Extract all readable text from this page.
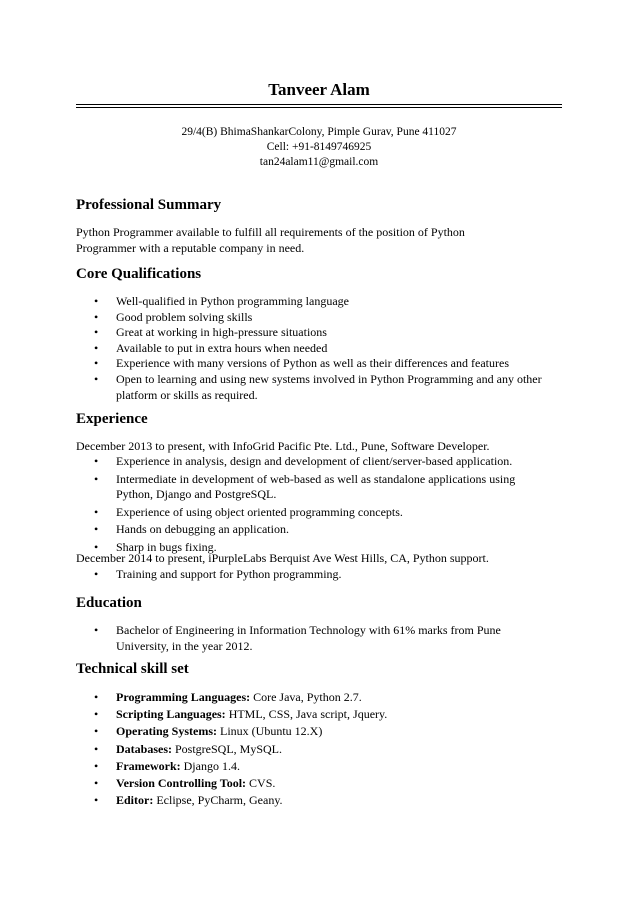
Tanveer Alam
29/4(B) BhimaShankarColony, Pimple Gurav, Pune 411027
Cell: +91-8149746925
tan24alam11@gmail.com
Professional Summary
Python Programmer available to fulfill all requirements of the position of Python
Programmer with a reputable company in need.
Core Qualifications
• Well-qualified in Python programming language
• Good problem solving skills
• Great at working in high-pressure situations
• Available to put in extra hours when needed
• Experience with many versions of Python as well as their differences and features
• Open to learning and using new systems involved in Python Programming and any other platform or skills as required.
Experience
December 2013 to present, with InfoGrid Pacific Pte. Ltd., Pune, Software Developer.
• Experience in analysis, design and development of client/server-based application.
• Intermediate in development of web-based as well as standalone applications using Python, Django and PostgreSQL.
• Experience of using object oriented programming concepts.
• Hands on debugging an application.
• Sharp in bugs fixing.
December 2014 to present, iPurpleLabs Berquist Ave West Hills, CA, Python support.
• Training and support for Python programming.
Education
• Bachelor of Engineering in Information Technology with 61% marks from Pune University, in the year 2012.
Technical skill set
• Programming Languages: Core Java, Python 2.7.
• Scripting Languages: HTML, CSS, Java script, Jquery.
• Operating Systems: Linux (Ubuntu 12.X)
• Databases: PostgreSQL, MySQL.
• Framework: Django 1.4.
• Version Controlling Tool: CVS.
• Editor: Eclipse, PyCharm, Geany.
